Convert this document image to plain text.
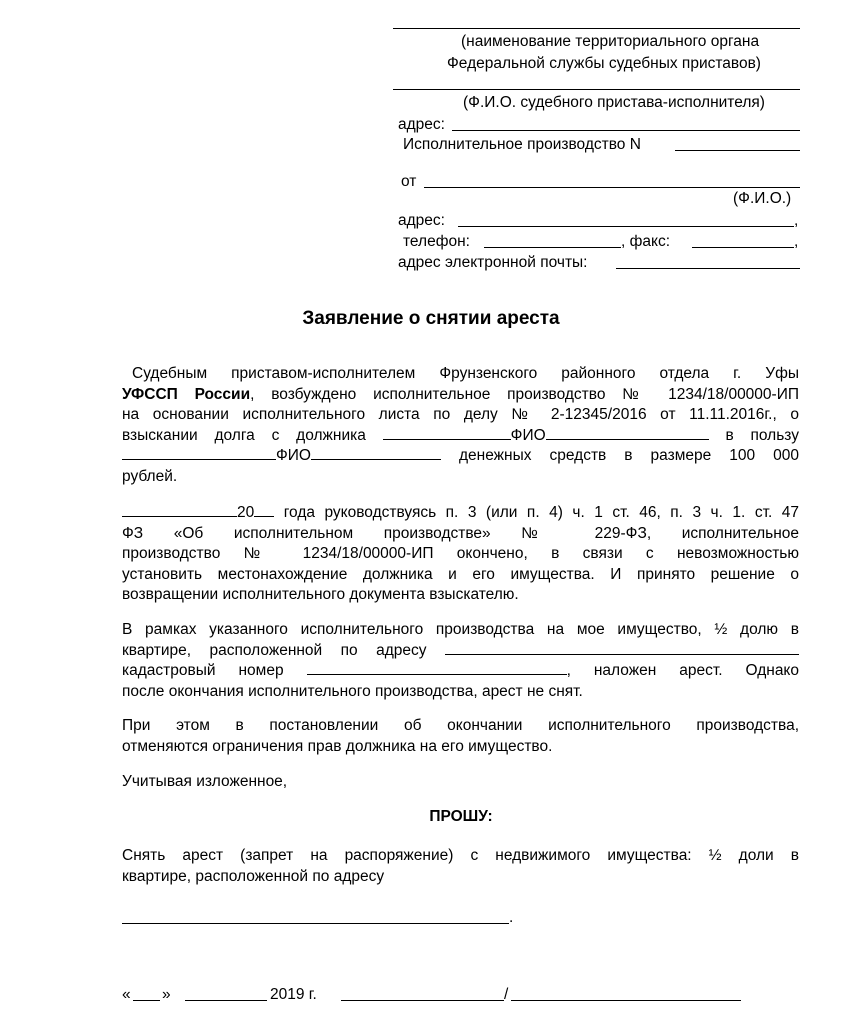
(наименование территориального органа
Федеральной службы судебных приставов)
(Ф.И.О. судебного пристава-исполнителя)
адрес:
Исполнительное производство N
от
(Ф.И.О.)
адрес:	,
телефон:	, факс:	,
адрес электронной почты:
Заявление о снятии ареста

Судебным приставом-исполнителем Фрунзенского районного отдела г. Уфы

УФССП России, возбуждено исполнительное производство № 1234/18/00000-ИП

на основании исполнительного листа по делу № 2-12345/2016 от 11.11.2016г., о

взыскании долга с должника	ФИО	в пользу

ФИО	денежных средств в размере 100 000

рублей.

20 года руководствуясь п. 3 (или п. 4) ч. 1 ст. 46, п. 3 ч. 1. ст. 47

ФЗ «Об исполнительном производстве» № 229-ФЗ, исполнительное

производство № 1234/18/00000-ИП окончено, в связи с невозможностью

установить местонахождение должника и его имущества. И принято решение о

возвращении исполнительного документа взыскателю.

В рамках указанного исполнительного производства на мое имущество, ½ долю в

квартире, расположенной по адресу

кадастровый номер	, наложен арест. Однако

после окончания исполнительного производства, арест не снят.

При этом в постановлении об окончании исполнительного производства,

отменяются ограничения прав должника на его имущество.

Учитывая изложенное,

ПРОШУ:

Снять арест (запрет на распоряжение) с недвижимого имущества: ½ доли в

квартире, расположенной по адресу

.
« »	2019 г.	/
